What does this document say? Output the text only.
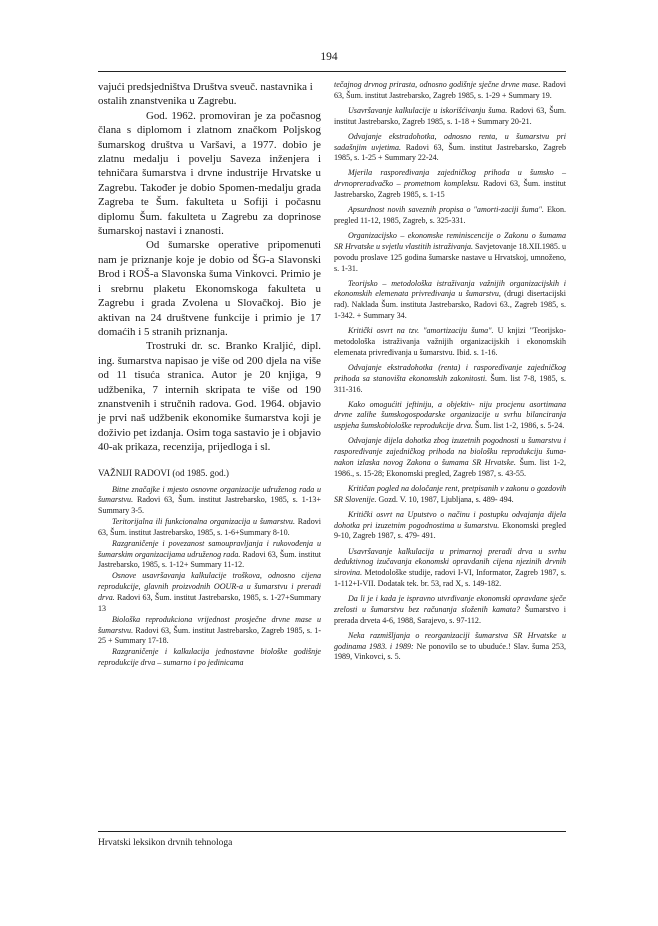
194

vajući predsjedništva Društva sveuč. nastavnika i ostalih znanstvenika u Zagrebu.

God. 1962. promoviran je za počasnog člana s diplomom i zlatnom značkom Poljskog šumarskog društva u Varšavi, a 1977. dobio je zlatnu medalju i povelju Saveza inženjera i tehničara šumarstva i drvne industrije Hrvatske u Zagrebu. Također je dobio Spomen-medalju grada Zagreba te Šum. fakulteta u Sofiji i počasnu diplomu Šum. fakulteta u Zagrebu za doprinose šumarskoj nastavi i znanosti.

Od šumarske operative pripomenuti nam je priznanje koje je dobio od ŠG-a Slavonski Brod i ROŠ-a Slavonska šuma Vinkovci. Primio je i srebrnu plaketu Ekonomskoga fakulteta u Zagrebu i grada Zvolena u Slovačkoj. Bio je aktivan na 24 društvene funkcije i primio je 17 domaćih i 5 stranih priznanja.

Trostruki dr. sc. Branko Kraljić, dipl. ing. šumarstva napisao je više od 200 djela na više od 11 tisuća stranica. Autor je 20 knjiga, 9 udžbenika, 7 internih skripata te više od 190 znanstvenih i stručnih radova. God. 1964. objavio je prvi naš udžbenik ekonomike šumarstva koji je doživio pet izdanja. Osim toga sastavio je i objavio 40-ak prikaza, recenzija, prijedloga i sl.

VAŽNIJI RADOVI (od 1985. god.)

Bitne značajke i mjesto osnovne organizacije udruženog rada u šumarstvu. Radovi 63, Šum. institut Jastrebarsko, 1985, s. 1-13+ Summary 3-5.

Teritorijalna ili funkcionalna organizacija u šumarstvu. Radovi 63, Šum. institut Jastrebarsko, 1985, s. 1-6+Summary 8-10.

Razgraničenje i povezanost samoupravljanja i rukovođenja u šumarskim organizacijama udruženog rada. Radovi 63, Šum. institut Jastrebarsko, 1985, s. 1-12+ Summary 11-12.

Osnove usavršavanja kalkulacije troškova, odnosno cijena reprodukcije, glavnih proizvodnih OOUR-a u šumarstvu i preradi drva. Radovi 63, Šum. institut Jastrebarsko, 1985, s. 1-27+Summary 13

Biološka reprodukciona vrijednost prosječne drvne mase u šumarstvu. Radovi 63, Šum. institut Jastrebarsko, Zagreb 1985, s. 1-25 + Summary 17-18.

Razgraničenje i kalkulacija jednostavne biološke godišnje reprodukcije drva – sumarno i po jedinicama

tečajnog drvnog prirasta, odnosno godišnje sječne drvne mase. Radovi 63, Šum. institut Jastrebarsko, Zagreb 1985, s. 1-29 + Summary 19.

Usavršavanje kalkulacije u iskorišćivanju šuma. Radovi 63, Šum. institut Jastrebarsko, Zagreb 1985, s. 1-18 + Summary 20-21.

Odvajanje ekstradohotka, odnosno renta, u šumarstvu pri sadašnjim uvjetima. Radovi 63, Šum. institut Jastrebarsko, Zagreb 1985, s. 1-25 + Summary 22-24.

Mjerila raspoređivanja zajedničkog prihoda u šumsko – drvnopreradvačko – prometnom kompleksu. Radovi 63, Šum. institut Jastrebarsko, Zagreb 1985, s. 1-15

Apsurdnost novih saveznih propisa o "amorti-zaciji šuma". Ekon. pregled 11-12, 1985, Zagreb, s. 325-331.

Organizacijsko – ekonomske reminiscencije o Zakonu o šumama SR Hrvatske u svjetlu vlastitih istraživanja. Savjetovanje 18.XII.1985. u povodu proslave 125 godina šumarske nastave u Hrvatskoj, umnoženo, s. 1-31.

Teorijsko – metodološka istraživanja važnijih organizacijskih i ekonomskih elemenata privređivanja u šumarstvu, (drugi disertacijski rad). Naklada Šum. instituta Jastrebarsko, Radovi 63., Zagreb 1985, s. 1-342. + Summary 34.

Kritički osvrt na tzv. "amortizaciju šuma". U knjizi "Teorijsko-metodološka istraživanja važnijih organizacijskih i ekonomskih elemenata privređivanja u šumarstvu. Ibid. s. 1-16.

Odvajanje ekstradohotka (renta) i raspoređivanje zajedničkog prihoda sa stanovišta ekonomskih zakonitosti. Šum. list 7-8, 1985, s. 311-316.

Kako omogućiti jeftiniju, a objektiv- niju procjenu asortimana drvne zalihe šumskogospodarske organizacije u svrhu bilanciranja uspjeha šumskobiološke reprodukcije drva. Šum. list 1-2, 1986, s. 5-24.

Odvajanje dijela dohotka zbog izuzetnih pogodnosti u šumarstvu i raspoređivanje zajedničkog prihoda na biološku reprodukciju šuma- nakon izlaska novog Zakona o šumama SR Hrvatske. Šum. list 1-2, 1986., s. 15-28; Ekonomski pregled, Zagreb 1987, s. 43-55.

Kritičan pogled na določanje rent, pretpisanih v zakonu o gozdovih SR Slovenije. Gozd. V. 10, 1987, Ljubljana, s. 489- 494.

Kritički osvrt na Uputstvo o načinu i postupku odvajanja dijela dohotka pri izuzetnim pogodnostima u šumarstvu. Ekonomski pregled 9-10, Zagreb 1987, s. 479- 491.

Usavršavanje kalkulacija u primarnoj preradi drva u svrhu deduktivnog izučavanja ekonomski opravdanih cijena njezinih drvnih sirovina. Metodološke studije, radovi I-VI, Informator, Zagreb 1987, s. 1-112+I-VII. Dodatak tek. br. 53, rad X, s. 149-182.

Da li je i kada je ispravno utvrđivanje ekonomski opravdane sječe zrelosti u šumarstvu bez računanja složenih kamata? Šumarstvo i prerada drveta 4-6, 1988, Sarajevo, s. 97-112.

Neka razmišljanja o reorganizaciji šumarstva SR Hrvatske u godinama 1983. i 1989: Ne ponovilo se to ubuduće.! Slav. šuma 253, 1989, Vinkovci, s. 5.

Hrvatski leksikon drvnih tehnologa
